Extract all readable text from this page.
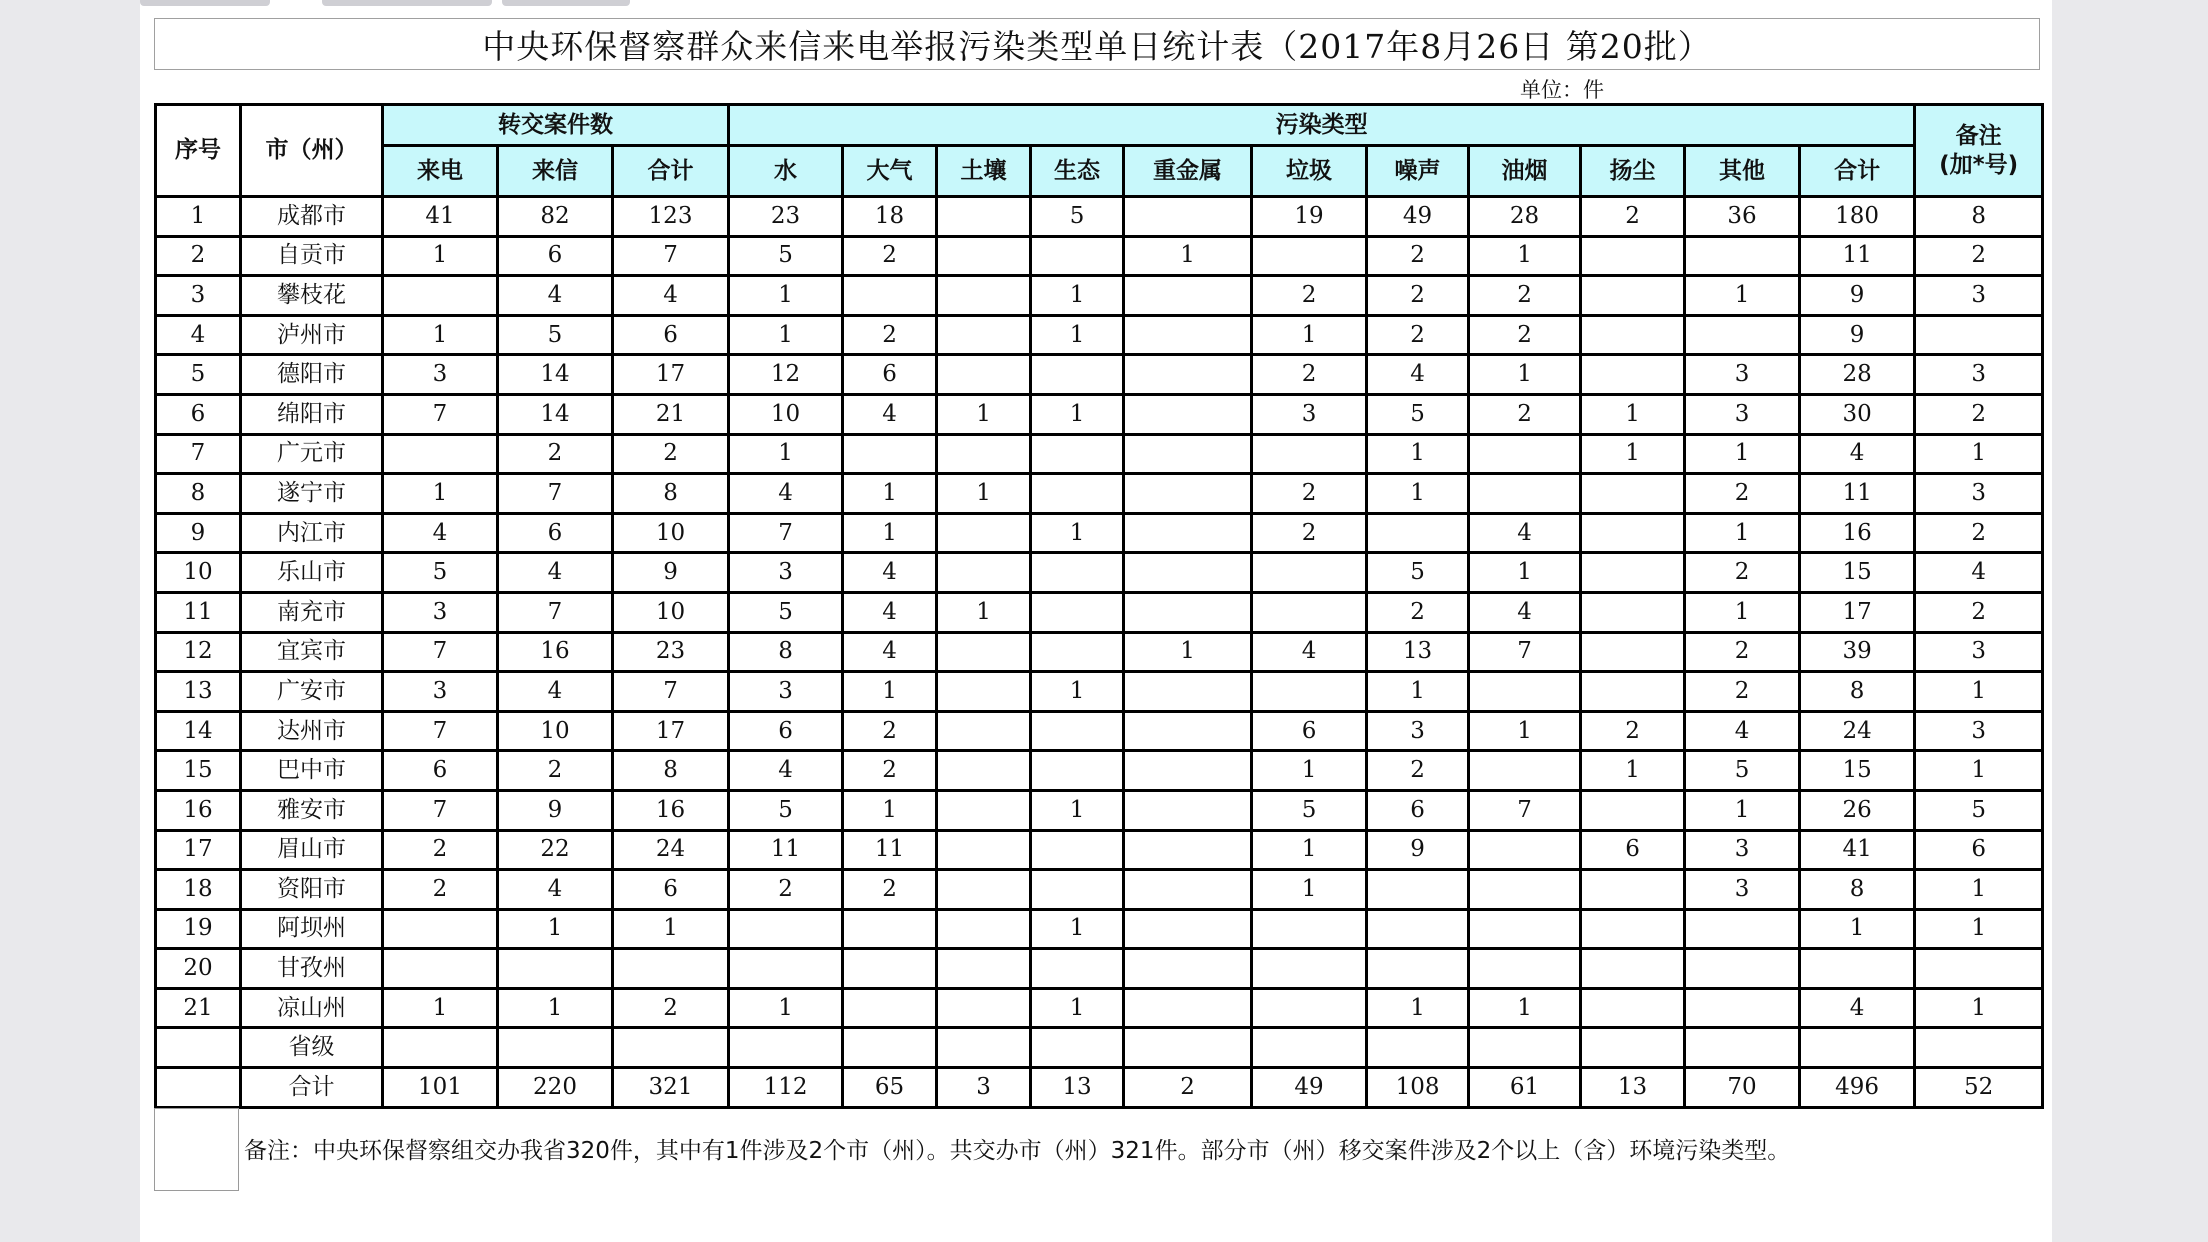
中央环保督察群众来信来电举报污染类型单日统计表（2017年8月26日 第20批）
单位：件
序号	市（州）	转交案件数			污染类型											备注
(加*号)

		来电	来信	合计	水	大气	土壤	生态	重金属	垃圾	噪声	油烟	扬尘	其他	合计	
1	成都市	41	82	123	23	18		5		19	49	28	2	36	180	8
2	自贡市	1	6	7	5	2			1		2	1			11	2
3	攀枝花		4	4	1			1		2	2	2		1	9	3
4	泸州市	1	5	6	1	2		1		1	2	2			9	
5	德阳市	3	14	17	12	6				2	4	1		3	28	3
6	绵阳市	7	14	21	10	4	1	1		3	5	2	1	3	30	2
7	广元市		2	2	1						1		1	1	4	1
8	遂宁市	1	7	8	4	1	1			2	1			2	11	3
9	内江市	4	6	10	7	1		1		2		4		1	16	2
10	乐山市	5	4	9	3	4					5	1		2	15	4
11	南充市	3	7	10	5	4	1				2	4		1	17	2
12	宜宾市	7	16	23	8	4			1	4	13	7		2	39	3
13	广安市	3	4	7	3	1		1			1			2	8	1
14	达州市	7	10	17	6	2				6	3	1	2	4	24	3
15	巴中市	6	2	8	4	2				1	2		1	5	15	1
16	雅安市	7	9	16	5	1		1		5	6	7		1	26	5
17	眉山市	2	22	24	11	11				1	9		6	3	41	6
18	资阳市	2	4	6	2	2				1				3	8	1
19	阿坝州		1	1				1							1	1
20	甘孜州															
21	凉山州	1	1	2	1			1			1	1			4	1
	省级															
	合计	101	220	321	112	65	3	13	2	49	108	61	13	70	496	52
备注：中央环保督察组交办我省320件，其中有1件涉及2个市（州）。共交办市（州）321件。部分市（州）移交案件涉及2个以上（含）环境污染类型。
